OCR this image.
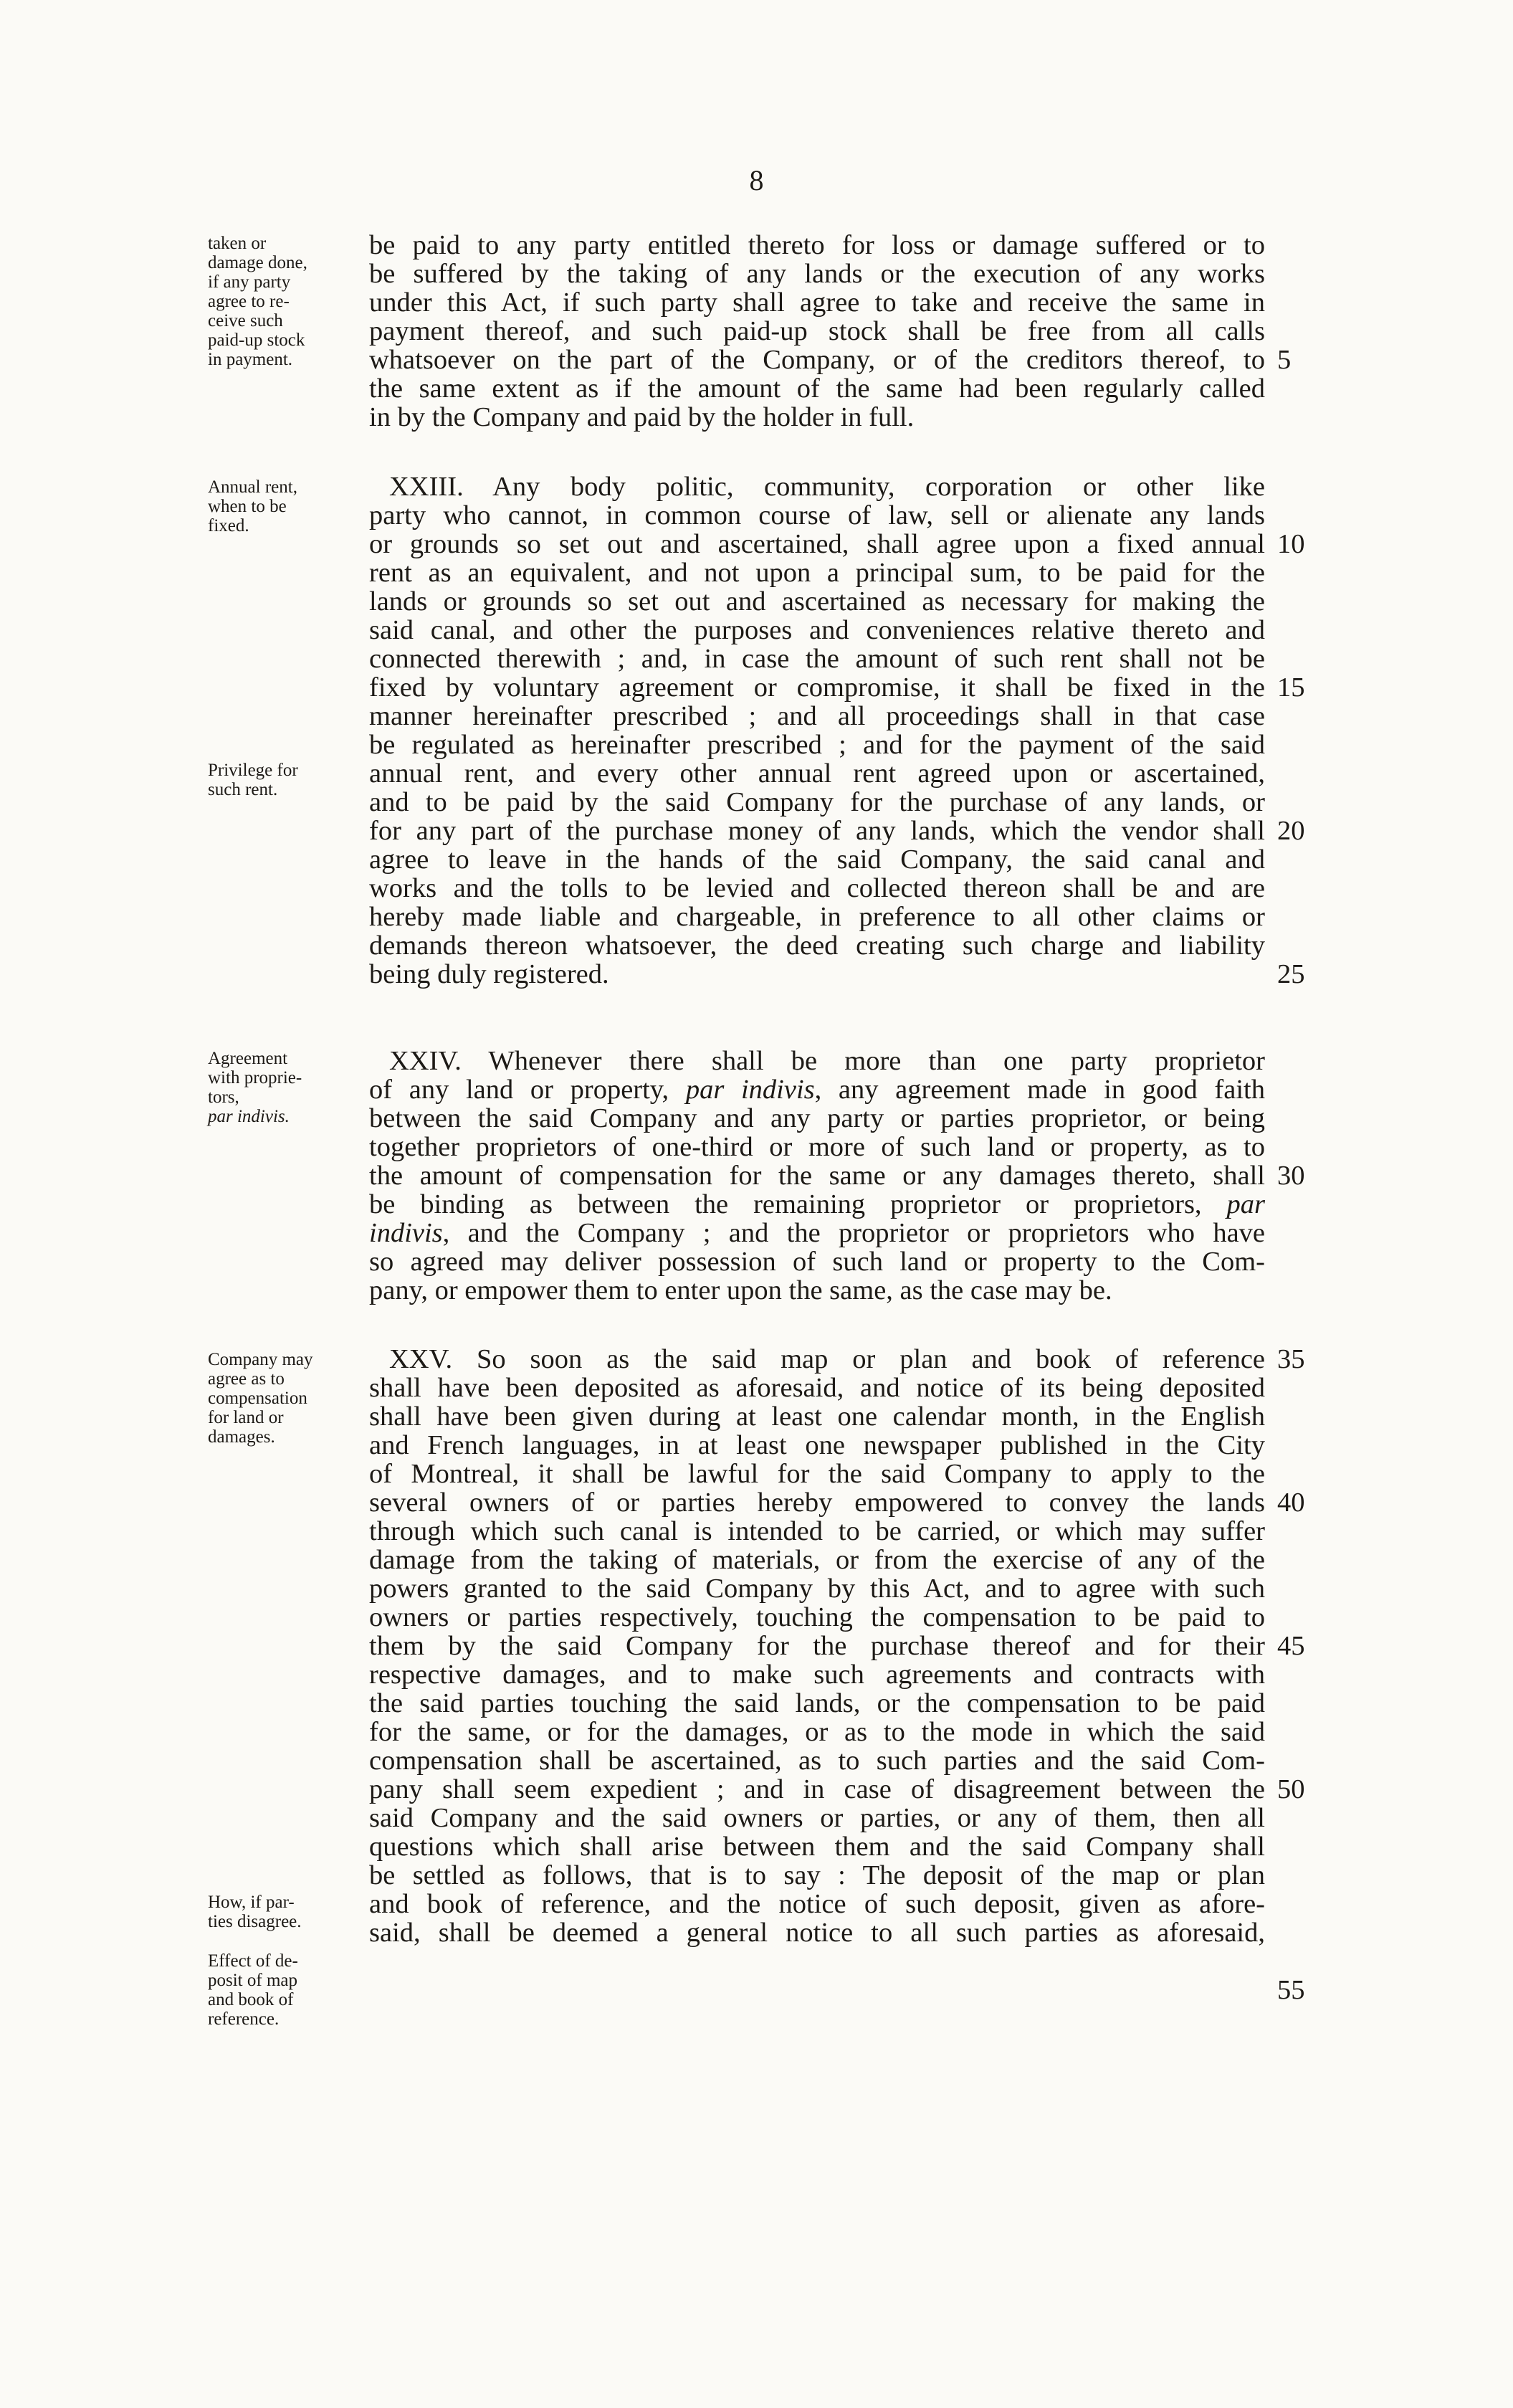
8
taken or
damage done,
if any party
agree to re-
ceive such
paid-up stock
in payment.
Annual rent,
when to be
fixed.
Privilege for
such rent.
Agreement
with proprie-
tors,
par indivis.
Company may
agree as to
compensation
for land or
damages.
How, if par-
ties disagree.
Effect of de-
posit of map
and book of
reference.
be paid to any party entitled thereto for loss or damage suffered or to
be suffered by the taking of any lands or the execution of any works
under this Act, if such party shall agree to take and receive the same in
payment thereof, and such paid-up stock shall be free from all calls
whatsoever on the part of the Company, or of the creditors thereof, to
the same extent as if the amount of the same had been regularly called
in by the Company and paid by the holder in full.
XXIII. Any body politic, community, corporation or other like
party who cannot, in common course of law, sell or alienate any lands
or grounds so set out and ascertained, shall agree upon a fixed annual
rent as an equivalent, and not upon a principal sum, to be paid for the
lands or grounds so set out and ascertained as necessary for making the
said canal, and other the purposes and conveniences relative thereto and
connected therewith ; and, in case the amount of such rent shall not be
fixed by voluntary agreement or compromise, it shall be fixed in the
manner hereinafter prescribed ; and all proceedings shall in that case
be regulated as hereinafter prescribed ; and for the payment of the said
annual rent, and every other annual rent agreed upon or ascertained,
and to be paid by the said Company for the purchase of any lands, or
for any part of the purchase money of any lands, which the vendor shall
agree to leave in the hands of the said Company, the said canal and
works and the tolls to be levied and collected thereon shall be and are
hereby made liable and chargeable, in preference to all other claims or
demands thereon whatsoever, the deed creating such charge and liability
being duly registered.
XXIV. Whenever there shall be more than one party proprietor
of any land or property, par indivis, any agreement made in good faith
between the said Company and any party or parties proprietor, or being
together proprietors of one-third or more of such land or property, as to
the amount of compensation for the same or any damages thereto, shall
be binding as between the remaining proprietor or proprietors, par
indivis, and the Company ; and the proprietor or proprietors who have
so agreed may deliver possession of such land or property to the Com-
pany, or empower them to enter upon the same, as the case may be.
XXV. So soon as the said map or plan and book of reference
shall have been deposited as aforesaid, and notice of its being deposited
shall have been given during at least one calendar month, in the English
and French languages, in at least one newspaper published in the City
of Montreal, it shall be lawful for the said Company to apply to the
several owners of or parties hereby empowered to convey the lands
through which such canal is intended to be carried, or which may suffer
damage from the taking of materials, or from the exercise of any of the
powers granted to the said Company by this Act, and to agree with such
owners or parties respectively, touching the compensation to be paid to
them by the said Company for the purchase thereof and for their
respective damages, and to make such agreements and contracts with
the said parties touching the said lands, or the compensation to be paid
for the same, or for the damages, or as to the mode in which the said
compensation shall be ascertained, as to such parties and the said Com-
pany shall seem expedient ; and in case of disagreement between the
said Company and the said owners or parties, or any of them, then all
questions which shall arise between them and the said Company shall
be settled as follows, that is to say : The deposit of the map or plan
and book of reference, and the notice of such deposit, given as afore-
said, shall be deemed a general notice to all such parties as aforesaid,
5
10
15
20
25
30
35
40
45
50
55
